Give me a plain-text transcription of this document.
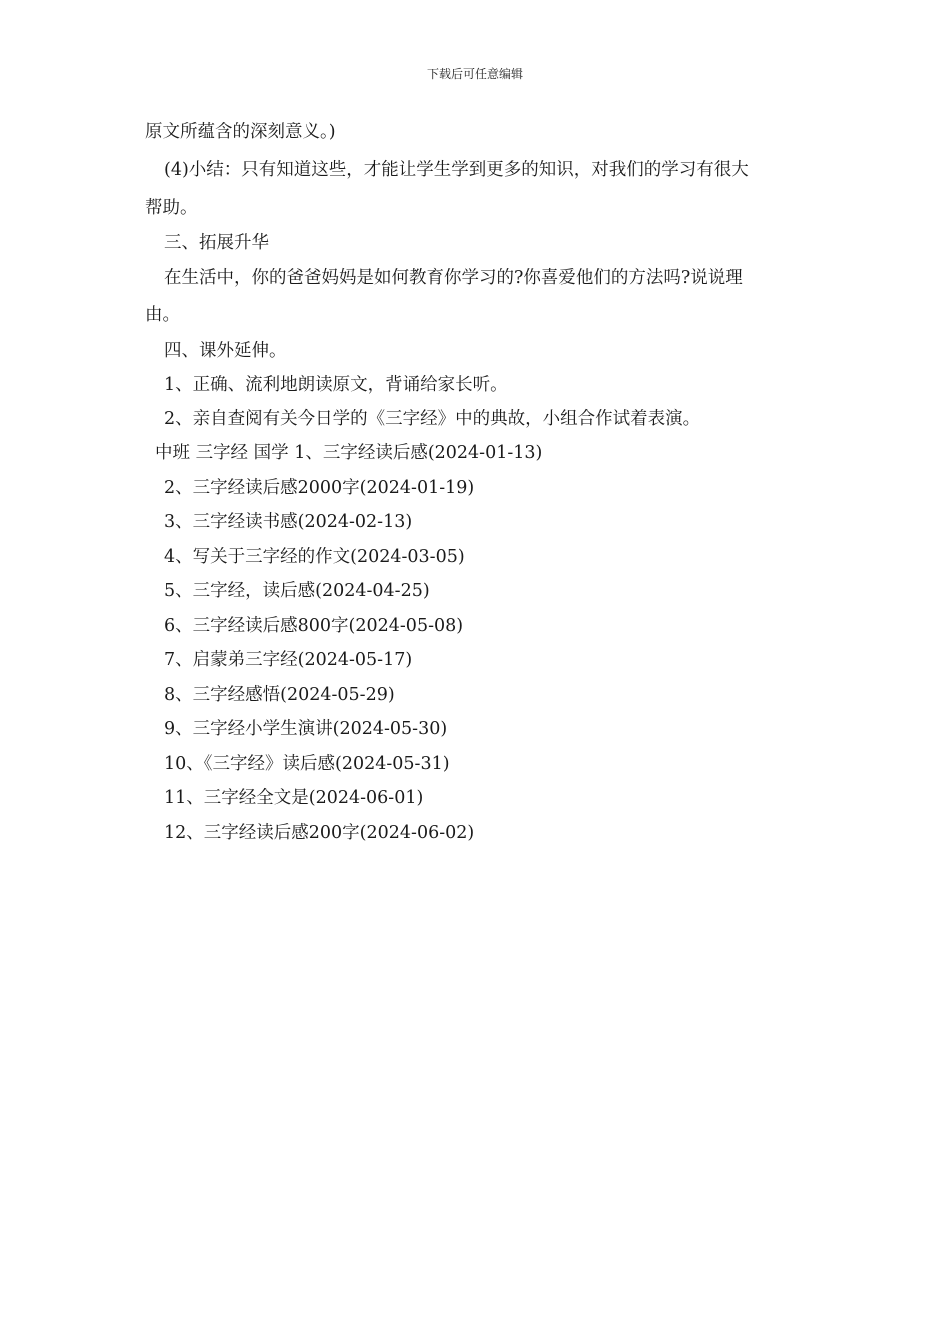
下载后可任意编辑
原文所蕴含的深刻意义。)
(4)小结：只有知道这些，才能让学生学到更多的知识，对我们的学习有很大
帮助。
三、拓展升华
在生活中，你的爸爸妈妈是如何教育你学习的?你喜爱他们的方法吗?说说理
由。
四、课外延伸。
1、正确、流利地朗读原文，背诵给家长听。
2、亲自查阅有关今日学的《三字经》中的典故，小组合作试着表演。
中班 三字经 国学 1、三字经读后感(2024-01-13)
2、三字经读后感2000字(2024-01-19)
3、三字经读书感(2024-02-13)
4、写关于三字经的作文(2024-03-05)
5、三字经，读后感(2024-04-25)
6、三字经读后感800字(2024-05-08)
7、启蒙弟三字经(2024-05-17)
8、三字经感悟(2024-05-29)
9、三字经小学生演讲(2024-05-30)
10、《三字经》读后感(2024-05-31)
11、三字经全文是(2024-06-01)
12、三字经读后感200字(2024-06-02)
